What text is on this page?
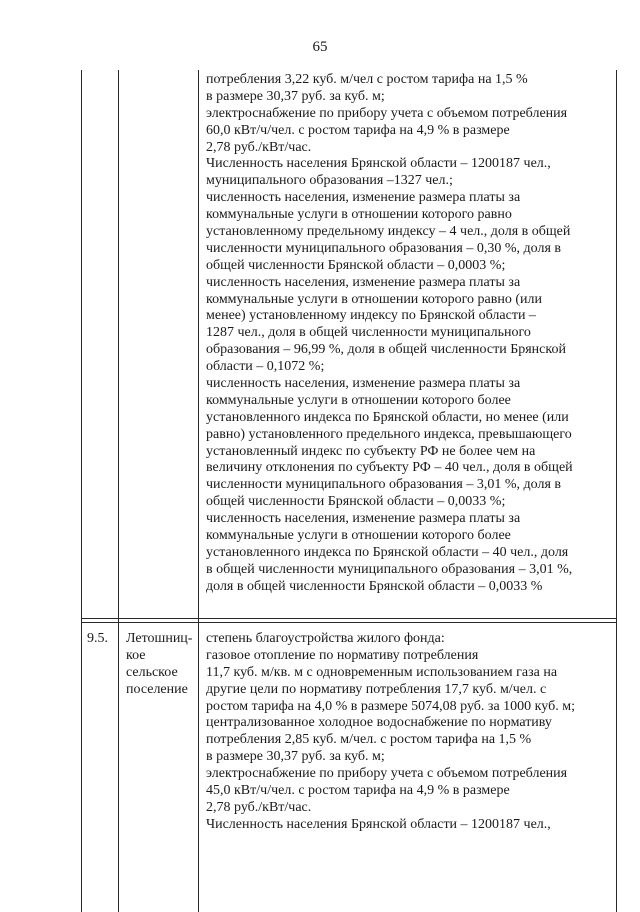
65
потребления 3,22 куб. м/чел с ростом тарифа на 1,5 %
в размере 30,37 руб. за куб. м;
электроснабжение по прибору учета с объемом потребления
60,0 кВт/ч/чел. с ростом тарифа на 4,9 % в размере
2,78 руб./кВт/час.
Численность населения Брянской области – 1200187 чел.,
муниципального образования –1327 чел.;
численность населения, изменение размера платы за
коммунальные услуги в отношении которого равно
установленному предельному индексу – 4 чел., доля в общей
численности муниципального образования – 0,30 %, доля в
общей численности Брянской области – 0,0003 %;
численность населения, изменение размера платы за
коммунальные услуги в отношении которого равно (или
менее) установленному индексу по Брянской области –
1287 чел., доля в общей численности муниципального
образования – 96,99 %, доля в общей численности Брянской
области – 0,1072 %;
численность населения, изменение размера платы за
коммунальные услуги в отношении которого более
установленного индекса по Брянской области, но менее (или
равно) установленного предельного индекса, превышающего
установленный индекс по субъекту РФ не более чем на
величину отклонения по субъекту РФ – 40 чел., доля в общей
численности муниципального образования – 3,01 %, доля в
общей численности Брянской области – 0,0033 %;
численность населения, изменение размера платы за
коммунальные услуги в отношении которого более
установленного индекса по Брянской области – 40 чел., доля
в общей численности муниципального образования – 3,01 %,
доля в общей численности Брянской области – 0,0033 %
9.5. Летошниц-
кое
сельское
поселение
степень благоустройства жилого фонда:
газовое отопление по нормативу потребления
11,7 куб. м/кв. м с одновременным использованием газа на
другие цели по нормативу потребления 17,7 куб. м/чел. с
ростом тарифа на 4,0 % в размере 5074,08 руб. за 1000 куб. м;
централизованное холодное водоснабжение по нормативу
потребления 2,85 куб. м/чел. с ростом тарифа на 1,5 %
в размере 30,37 руб. за куб. м;
электроснабжение по прибору учета с объемом потребления
45,0 кВт/ч/чел. с ростом тарифа на 4,9 % в размере
2,78 руб./кВт/час.
Численность населения Брянской области – 1200187 чел.,
